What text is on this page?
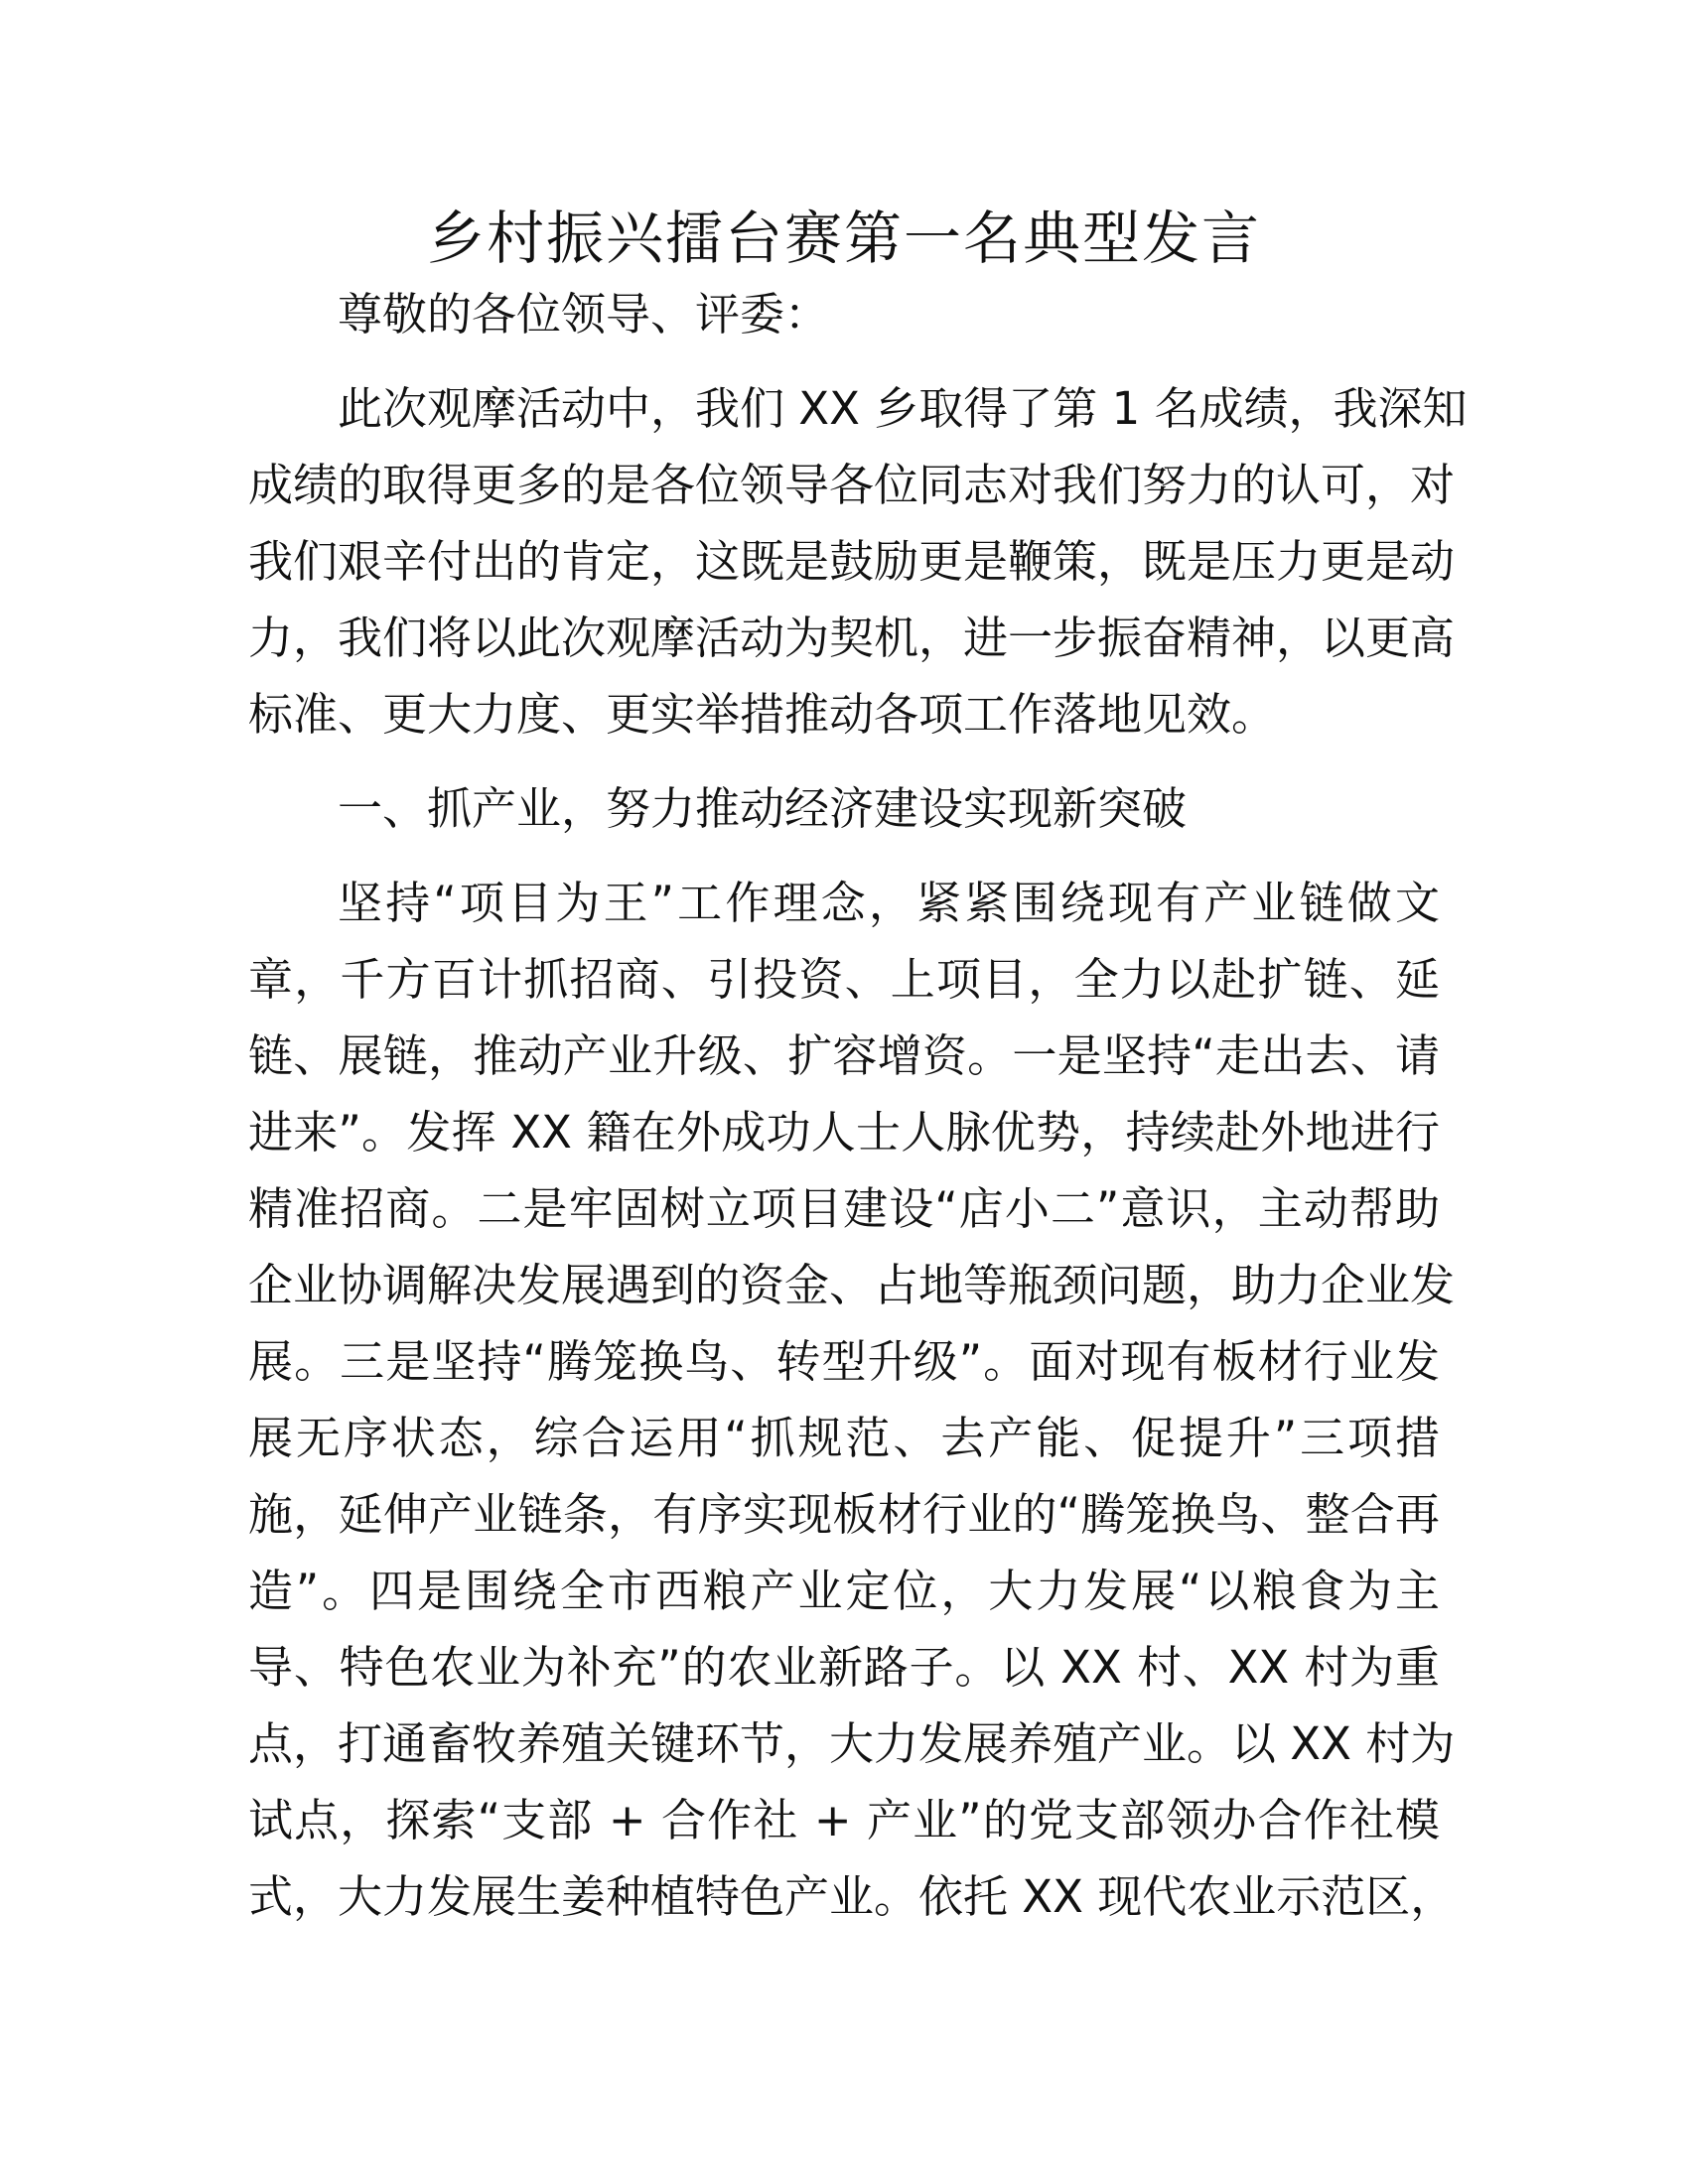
乡村振兴擂台赛第一名典型发言

尊敬的各位领导、评委：

此次观摩活动中，我们 XX 乡取得了第 1 名成绩，我深知
成绩的取得更多的是各位领导各位同志对我们努力的认可，对
我们艰辛付出的肯定，这既是鼓励更是鞭策，既是压力更是动
力，我们将以此次观摩活动为契机，进一步振奋精神，以更高
标准、更大力度、更实举措推动各项工作落地见效。

一、抓产业，努力推动经济建设实现新突破

坚持“项目为王”工作理念，紧紧围绕现有产业链做文
章，千方百计抓招商、引投资、上项目，全力以赴扩链、延
链、展链，推动产业升级、扩容增资。一是坚持“走出去、请
进来”。发挥 XX 籍在外成功人士人脉优势，持续赴外地进行
精准招商。二是牢固树立项目建设“店小二”意识，主动帮助
企业协调解决发展遇到的资金、占地等瓶颈问题，助力企业发
展。三是坚持“腾笼换鸟、转型升级”。面对现有板材行业发
展无序状态，综合运用“抓规范、去产能、促提升”三项措
施，延伸产业链条，有序实现板材行业的“腾笼换鸟、整合再
造”。四是围绕全市西粮产业定位，大力发展“以粮食为主
导、特色农业为补充”的农业新路子。以 XX 村、XX 村为重
点，打通畜牧养殖关键环节，大力发展养殖产业。以 XX 村为
试点，探索“支部 + 合作社 + 产业”的党支部领办合作社模
式，大力发展生姜种植特色产业。依托 XX 现代农业示范区，
